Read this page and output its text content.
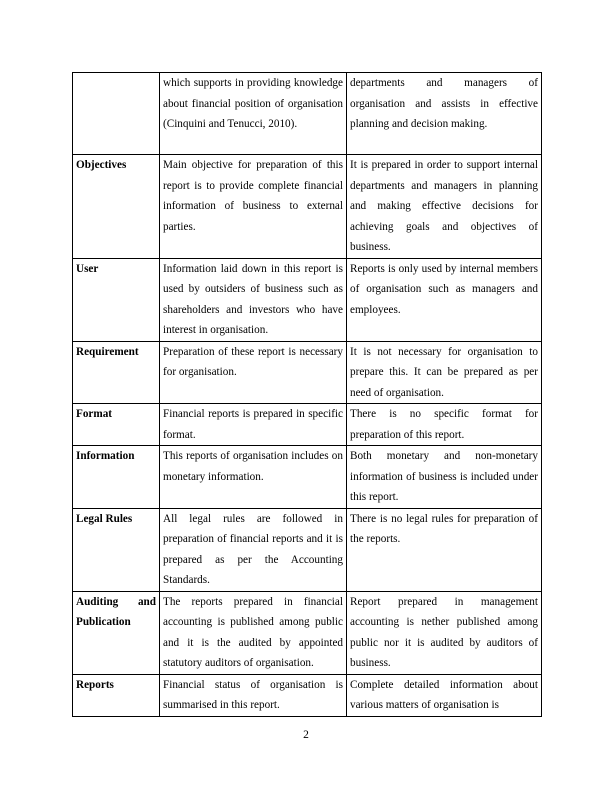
	which supports in providing knowledge about financial position of organisation (Cinquini and Tenucci, 2010).	departments and managers of organisation and assists in effective planning and decision making.
Objectives	Main objective for preparation of this report is to provide complete financial information of business to external parties.	It is prepared in order to support internal departments and managers in planning and making effective decisions for achieving goals and objectives of business.
User	Information laid down in this report is used by outsiders of business such as shareholders and investors who have interest in organisation.	Reports is only used by internal members of organisation such as managers and employees.
Requirement	Preparation of these report is necessary for organisation.	It is not necessary for organisation to prepare this. It can be prepared as per need of organisation.
Format	Financial reports is prepared in specific format.	There is no specific format for preparation of this report.
Information	This reports of organisation includes on monetary information.	Both monetary and non-monetary information of business is included under this report.
Legal Rules	All legal rules are followed in preparation of financial reports and it is prepared as per the Accounting Standards.	There is no legal rules for preparation of the reports.
Auditing and Publication	The reports prepared in financial accounting is published among public and it is the audited by appointed statutory auditors of organisation.	Report prepared in management accounting is nether published among public nor it is audited by auditors of business.
Reports	Financial status of organisation is summarised in this report.	Complete detailed information about various matters of organisation is
2
